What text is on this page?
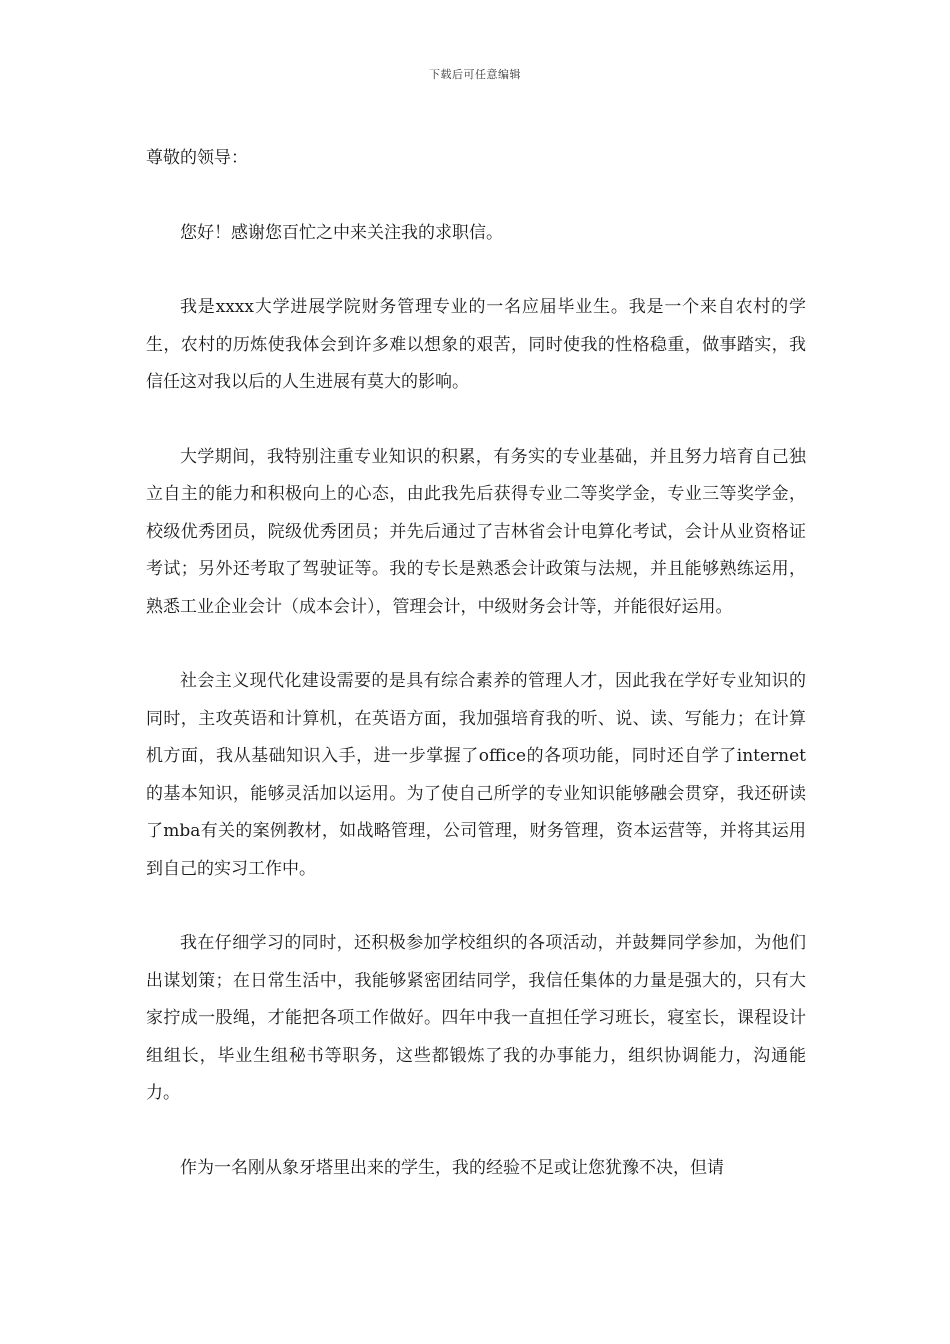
下载后可任意编辑

尊敬的领导：

您好！感谢您百忙之中来关注我的求职信。

我是xxxx大学进展学院财务管理专业的一名应届毕业生。我是一个来自农村的学生，农村的历炼使我体会到许多难以想象的艰苦，同时使我的性格稳重，做事踏实，我信任这对我以后的人生进展有莫大的影响。

大学期间，我特别注重专业知识的积累，有务实的专业基础，并且努力培育自己独立自主的能力和积极向上的心态，由此我先后获得专业二等奖学金，专业三等奖学金，校级优秀团员，院级优秀团员；并先后通过了吉林省会计电算化考试，会计从业资格证考试；另外还考取了驾驶证等。我的专长是熟悉会计政策与法规，并且能够熟练运用，熟悉工业企业会计（成本会计），管理会计，中级财务会计等，并能很好运用。

社会主义现代化建设需要的是具有综合素养的管理人才，因此我在学好专业知识的同时，主攻英语和计算机，在英语方面，我加强培育我的听、说、读、写能力；在计算机方面，我从基础知识入手，进一步掌握了office的各项功能，同时还自学了internet的基本知识，能够灵活加以运用。为了使自己所学的专业知识能够融会贯穿，我还研读了mba有关的案例教材，如战略管理，公司管理，财务管理，资本运营等，并将其运用到自己的实习工作中。

我在仔细学习的同时，还积极参加学校组织的各项活动，并鼓舞同学参加，为他们出谋划策；在日常生活中，我能够紧密团结同学，我信任集体的力量是强大的，只有大家拧成一股绳，才能把各项工作做好。四年中我一直担任学习班长，寝室长，课程设计组组长，毕业生组秘书等职务，这些都锻炼了我的办事能力，组织协调能力，沟通能力。

作为一名刚从象牙塔里出来的学生，我的经验不足或让您犹豫不决，但请
